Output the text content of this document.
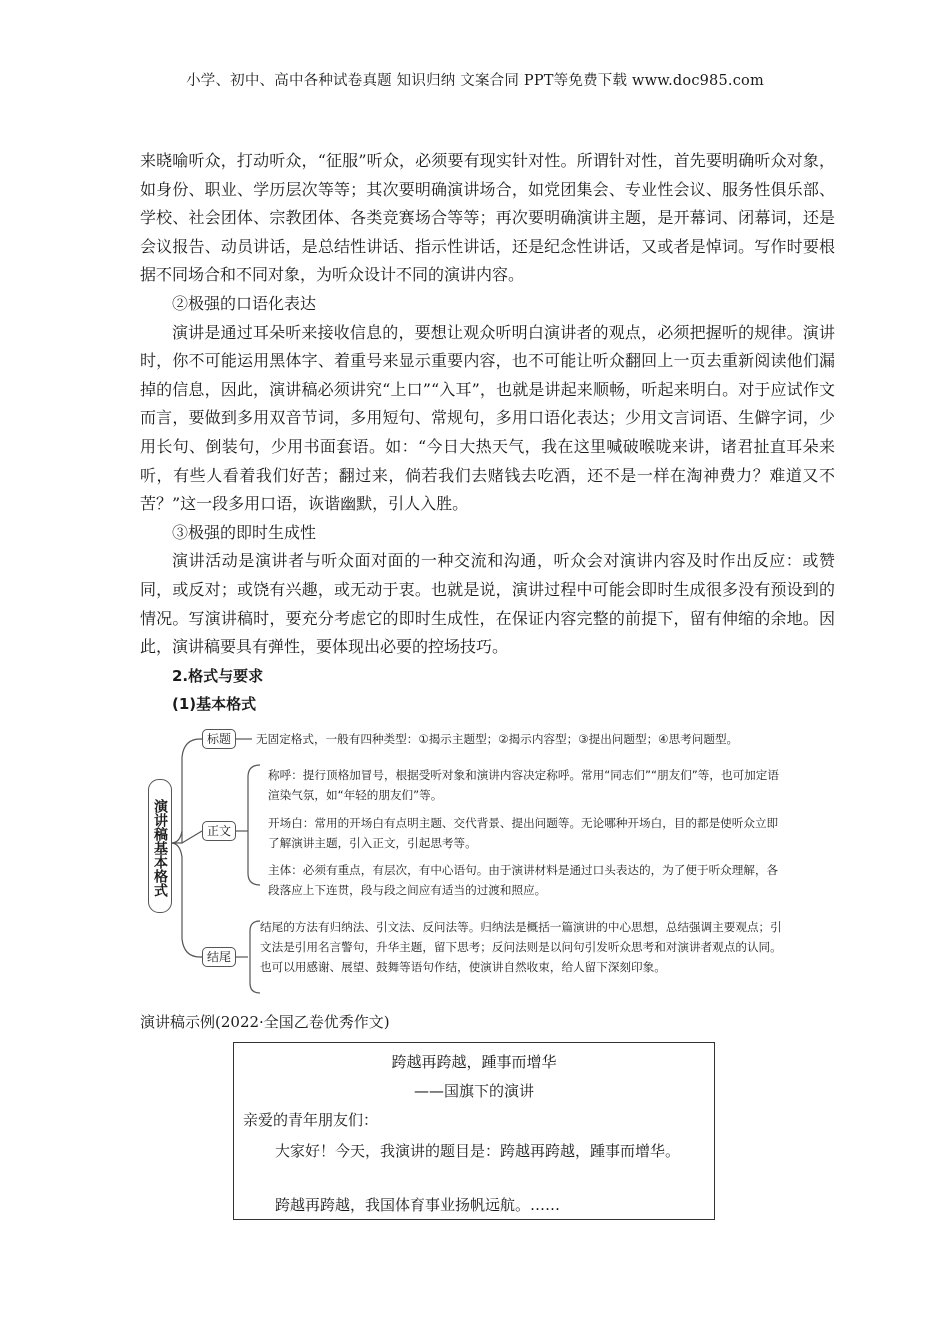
小学、初中、高中各种试卷真题 知识归纳 文案合同 PPT等免费下载 www.doc985.com

来晓喻听众，打动听众，“征服”听众，必须要有现实针对性。所谓针对性，首先要明确听众对象，如身份、职业、学历层次等等；其次要明确演讲场合，如党团集会、专业性会议、服务性俱乐部、学校、社会团体、宗教团体、各类竞赛场合等等；再次要明确演讲主题，是开幕词、闭幕词，还是会议报告、动员讲话，是总结性讲话、指示性讲话，还是纪念性讲话，又或者是悼词。写作时要根据不同场合和不同对象，为听众设计不同的演讲内容。

②极强的口语化表达

演讲是通过耳朵听来接收信息的，要想让观众听明白演讲者的观点，必须把握听的规律。演讲时，你不可能运用黑体字、着重号来显示重要内容，也不可能让听众翻回上一页去重新阅读他们漏掉的信息，因此，演讲稿必须讲究“上口”“入耳”，也就是讲起来顺畅，听起来明白。对于应试作文而言，要做到多用双音节词，多用短句、常规句，多用口语化表达；少用文言词语、生僻字词，少用长句、倒装句，少用书面套语。如：“今日大热天气，我在这里喊破喉咙来讲，诸君扯直耳朵来听，有些人看着我们好苦；翻过来，倘若我们去赌钱去吃酒，还不是一样在淘神费力？难道又不苦？”这一段多用口语，诙谐幽默，引人入胜。

③极强的即时生成性

演讲活动是演讲者与听众面对面的一种交流和沟通，听众会对演讲内容及时作出反应：或赞同，或反对；或饶有兴趣，或无动于衷。也就是说，演讲过程中可能会即时生成很多没有预设到的情况。写演讲稿时，要充分考虑它的即时生成性，在保证内容完整的前提下，留有伸缩的余地。因此，演讲稿要具有弹性，要体现出必要的控场技巧。

2.格式与要求

(1)基本格式

演讲稿基本格式
标题	无固定格式，一般有四种类型：①揭示主题型；②揭示内容型；③提出问题型；④思考问题型。
正文
称呼：提行顶格加冒号，根据受听对象和演讲内容决定称呼。常用“同志们”“朋友们”等，也可加定语渲染气氛，如“年轻的朋友们”等。
开场白：常用的开场白有点明主题、交代背景、提出问题等。无论哪种开场白，目的都是使听众立即了解演讲主题，引入正文，引起思考等。
主体：必须有重点，有层次，有中心语句。由于演讲材料是通过口头表达的，为了便于听众理解，各段落应上下连贯，段与段之间应有适当的过渡和照应。
结尾
结尾的方法有归纳法、引文法、反问法等。归纳法是概括一篇演讲的中心思想，总结强调主要观点；引文法是引用名言警句，升华主题，留下思考；反问法则是以问句引发听众思考和对演讲者观点的认同。也可以用感谢、展望、鼓舞等语句作结，使演讲自然收束，给人留下深刻印象。
演讲稿示例(2022·全国乙卷优秀作文)
跨越再跨越，踵事而增华
——国旗下的演讲
亲爱的青年朋友们：
大家好！今天，我演讲的题目是：跨越再跨越，踵事而增华。
跨越再跨越，我国体育事业扬帆远航。……
